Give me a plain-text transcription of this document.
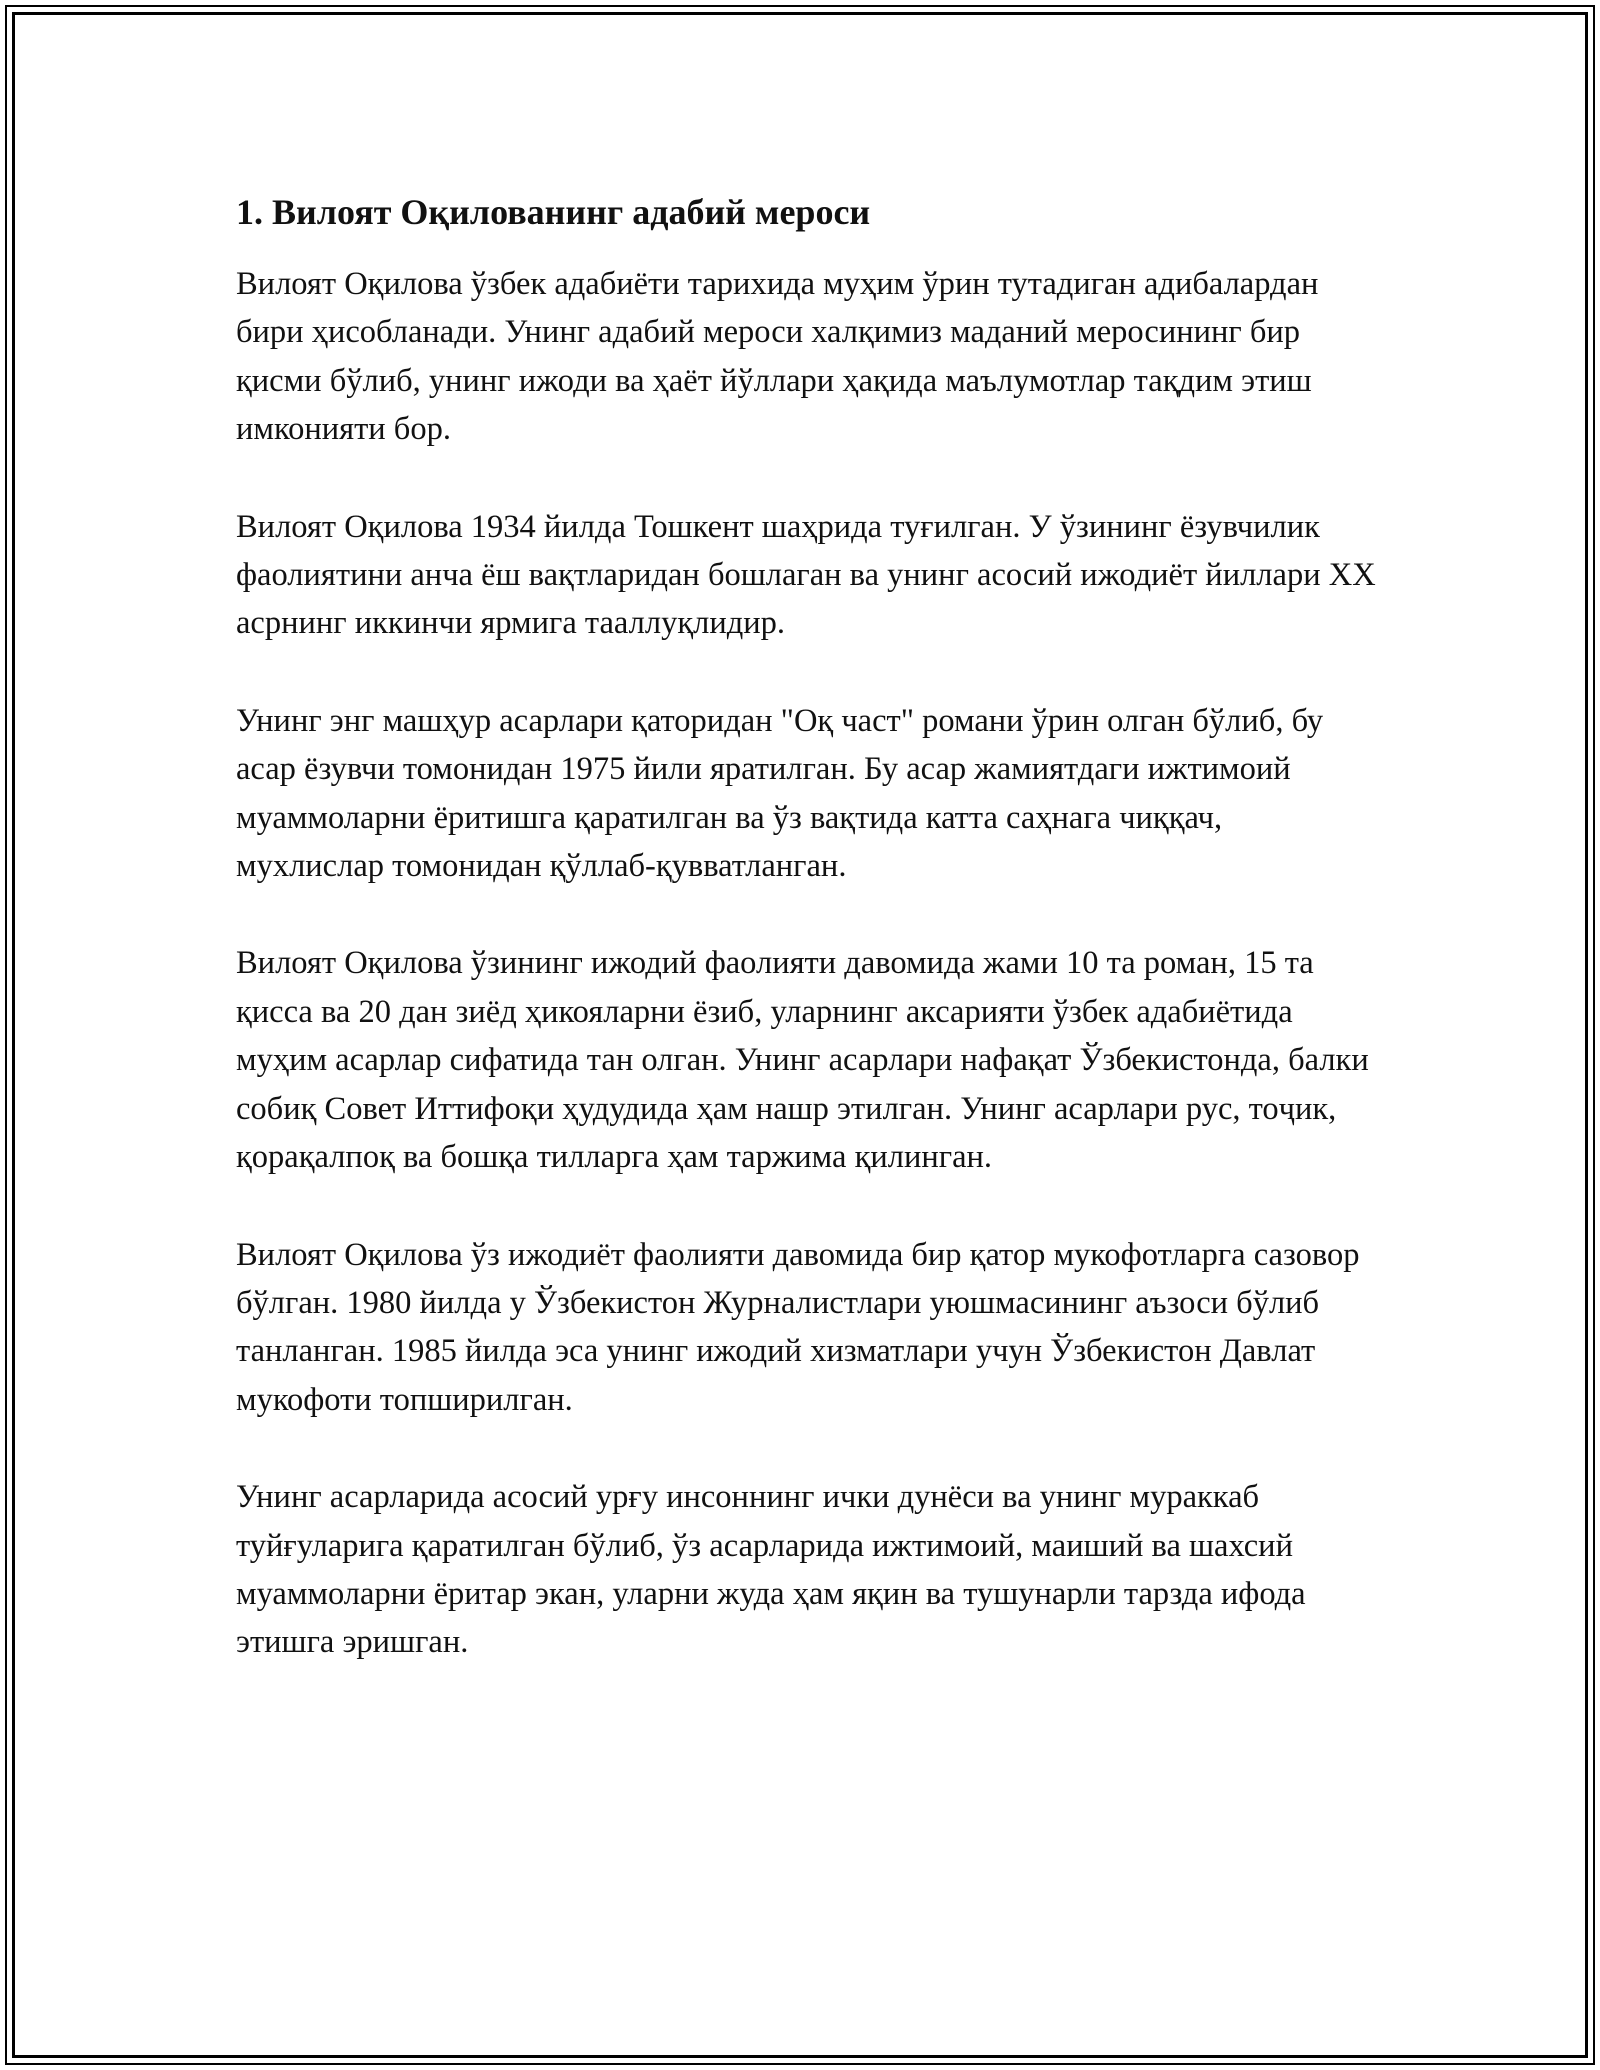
1. Вилоят Оқилованинг адабий мероси

Вилоят Оқилова ўзбек адабиёти тарихида муҳим ўрин тутадиган адибалардан бири ҳисобланади. Унинг адабий мероси халқимиз маданий меросининг бир қисми бўлиб, унинг ижоди ва ҳаёт йўллари ҳақида маълумотлар тақдим этиш имконияти бор.

Вилоят Оқилова 1934 йилда Тошкент шаҳрида туғилган. У ўзининг ёзувчилик фаолиятини анча ёш вақтларидан бошлаган ва унинг асосий ижодиёт йиллари XX асрнинг иккинчи ярмига тааллуқлидир.

Унинг энг машҳур асарлари қаторидан "Оқ част" романи ўрин олган бўлиб, бу асар ёзувчи томонидан 1975 йили яратилган. Бу асар жамиятдаги ижтимоий муаммоларни ёритишга қаратилган ва ўз вақтида катта саҳнага чиққач, мухлислар томонидан қўллаб-қувватланган.

Вилоят Оқилова ўзининг ижодий фаолияти давомида жами 10 та роман, 15 та қисса ва 20 дан зиёд ҳикояларни ёзиб, уларнинг аксарияти ўзбек адабиётида муҳим асарлар сифатида тан олган. Унинг асарлари нафақат Ўзбекистонда, балки собиқ Совет Иттифоқи ҳудудида ҳам нашр этилган. Унинг асарлари рус, тоҷик, қорақалпоқ ва бошқа тилларга ҳам таржима қилинган.

Вилоят Оқилова ўз ижодиёт фаолияти давомида бир қатор мукофотларга сазовор бўлган. 1980 йилда у Ўзбекистон Журналистлари уюшмасининг аъзоси бўлиб танланган. 1985 йилда эса унинг ижодий хизматлари учун Ўзбекистон Давлат мукофоти топширилган.

Унинг асарларида асосий урғу инсоннинг ички дунёси ва унинг мураккаб туйғуларига қаратилган бўлиб, ўз асарларида ижтимоий, маиший ва шахсий муаммоларни ёритар экан, уларни жуда ҳам яқин ва тушунарли тарзда ифода этишга эришган.
